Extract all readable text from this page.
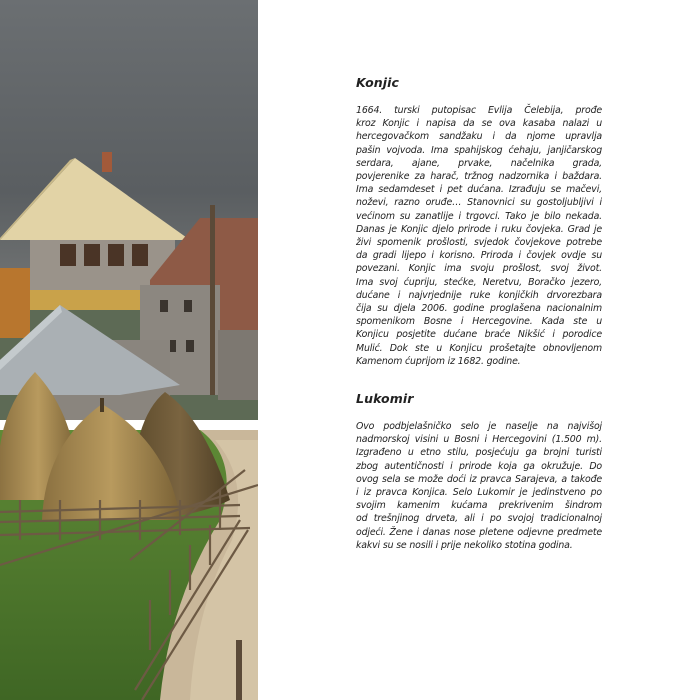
Konjic

1664. turski putopisac Evlija Čelebija, prođe
kroz Konjic i napisa da se ova kasaba nalazi u
hercegovačkom sandžaku i da njome upravlja
pašin vojvoda. Ima spahijskog ćehaju, janjičarskog
serdara, ajane, prvake, načelnika grada,
povjerenike za harač, tržnog nadzornika i baždara.
Ima sedamdeset i pet dućana. Izrađuju se mačevi,
noževi, razno oruđe… Stanovnici su gostoljubljivi i
većinom su zanatlije i trgovci. Tako je bilo nekada.
Danas je Konjic djelo prirode i ruku čovjeka. Grad je
živi spomenik prošlosti, svjedok čovjekove potrebe
da gradi lijepo i korisno. Priroda i čovjek ovdje su
povezani. Konjic ima svoju prošlost, svoj život.
Ima svoj ćupriju, stećke, Neretvu, Boračko jezero,
dućane i najvrjednije ruke konjičkih drvorezbara
čija su djela 2006. godine proglašena nacionalnim
spomenikom Bosne i Hercegovine. Kada ste u
Konjicu posjetite dućane braće Nikšić i porodice
Mulić. Dok ste u Konjicu prošetajte obnovljenom
Kamenom ćuprijom iz 1682. godine.

Lukomir

Ovo podbjelašničko selo je naselje na najvišoj
nadmorskoj visini u Bosni i Hercegovini (1.500 m).
Izgrađeno u etno stilu, posjećuju ga brojni turisti
zbog autentičnosti i prirode koja ga okružuje. Do
ovog sela se može doći iz pravca Sarajeva, a takođe
i iz pravca Konjica. Selo Lukomir je jedinstveno po
svojim kamenim kućama prekrivenim šindrom
od trešnjinog drveta, ali i po svojoj tradicionalnoj
odjeći. Žene i danas nose pletene odjevne predmete
kakvi su se nosili i prije nekoliko stotina godina.
